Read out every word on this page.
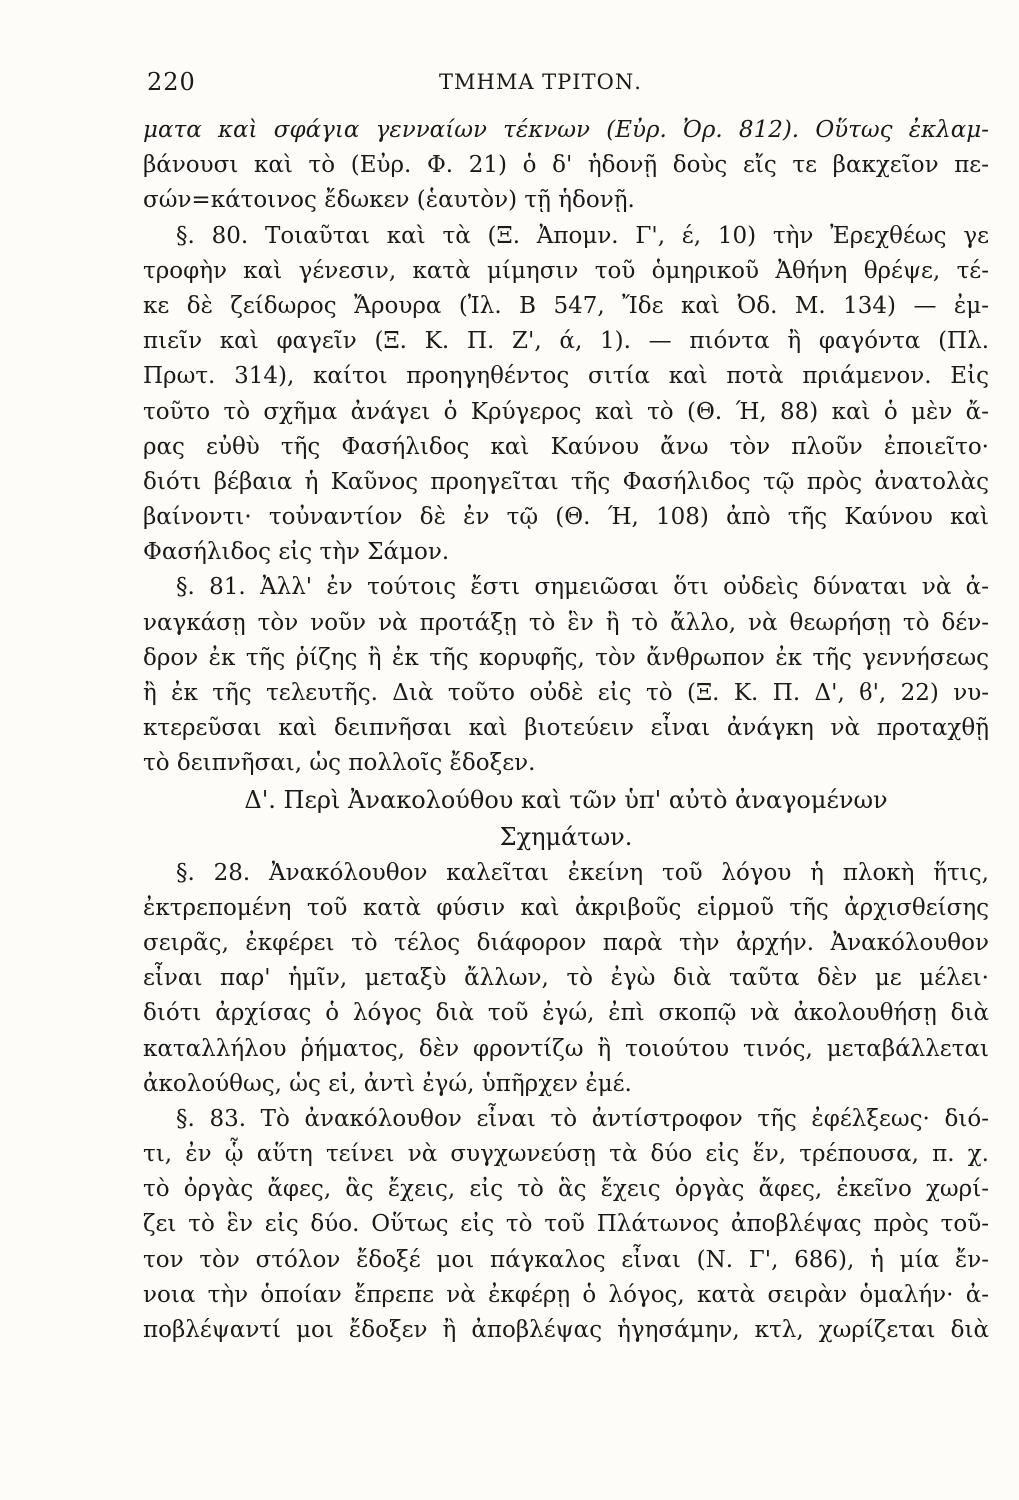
220	ΤΜΗΜΑ ΤΡΙΤΟΝ.
ματα καὶ σφάγια γενναίων τέκνων (Εὐρ. Ὀρ. 812). Οὕτως ἐκλαμ-
βάνουσι καὶ τὸ (Εὐρ. Φ. 21) ὁ δ' ἡδονῇ δοὺς εἴς τε βακχεῖον πε-
σών=κάτοινος ἔδωκεν (ἑαυτὸν) τῇ ἡδονῇ.
§. 80. Τοιαῦται καὶ τὰ (Ξ. Ἀπομν. Γ', έ, 10) τὴν Ἐρεχθέως γε
τροφὴν καὶ γένεσιν, κατὰ μίμησιν τοῦ ὁμηρικοῦ Ἀθήνη θρέψε, τέ-
κε δὲ ζείδωρος Ἄρουρα (Ἰλ. Β 547, Ἴδε καὶ Ὀδ. Μ. 134) — ἐμ-
πιεῖν καὶ φαγεῖν (Ξ. Κ. Π. Ζ', ά, 1). — πιόντα ἢ φαγόντα (Πλ.
Πρωτ. 314), καίτοι προηγηθέντος σιτία καὶ ποτὰ πριάμενον. Εἰς
τοῦτο τὸ σχῆμα ἀνάγει ὁ Κρύγερος καὶ τὸ (Θ. Ή, 88) καὶ ὁ μὲν ἄ-
ρας εὐθὺ τῆς Φασήλιδος καὶ Καύνου ἄνω τὸν πλοῦν ἐποιεῖτο·
διότι βέβαια ἡ Καῦνος προηγεῖται τῆς Φασήλιδος τῷ πρὸς ἀνατολὰς
βαίνοντι· τοὐναντίον δὲ ἐν τῷ (Θ. Ή, 108) ἀπὸ τῆς Καύνου καὶ
Φασήλιδος εἰς τὴν Σάμον.
§. 81. Ἀλλ' ἐν τούτοις ἔστι σημειῶσαι ὅτι οὐδεὶς δύναται νὰ ἀ-
ναγκάσῃ τὸν νοῦν νὰ προτάξῃ τὸ ἓν ἢ τὸ ἄλλο, νὰ θεωρήσῃ τὸ δέν-
δρον ἐκ τῆς ῥίζης ἢ ἐκ τῆς κορυφῆς, τὸν ἄνθρωπον ἐκ τῆς γεννήσεως
ἢ ἐκ τῆς τελευτῆς. Διὰ τοῦτο οὐδὲ εἰς τὸ (Ξ. Κ. Π. Δ', ϐ', 22) νυ-
κτερεῦσαι καὶ δειπνῆσαι καὶ βιοτεύειν εἶναι ἀνάγκη νὰ προταχθῇ
τὸ δειπνῆσαι, ὡς πολλοῖς ἔδοξεν.
Δ'. Περὶ Ἀνακολούθου καὶ τῶν ὑπ' αὐτὸ ἀναγομένων
Σχημάτων.
§. 28. Ἀνακόλουθον καλεῖται ἐκείνη τοῦ λόγου ἡ πλοκὴ ἥτις,
ἐκτρεπομένη τοῦ κατὰ φύσιν καὶ ἀκριβοῦς εἱρμοῦ τῆς ἀρχισθείσης
σειρᾶς, ἐκφέρει τὸ τέλος διάφορον παρὰ τὴν ἀρχήν. Ἀνακόλουθον
εἶναι παρ' ἡμῖν, μεταξὺ ἄλλων, τὸ ἐγὼ διὰ ταῦτα δὲν με μέλει·
διότι ἀρχίσας ὁ λόγος διὰ τοῦ ἐγώ, ἐπὶ σκοπῷ νὰ ἀκολουθήσῃ διὰ
καταλλήλου ῥήματος, δὲν φροντίζω ἢ τοιούτου τινός, μεταβάλλεται
ἀκολούθως, ὡς εἰ, ἀντὶ ἐγώ, ὑπῆρχεν ἐμέ.
§. 83. Τὸ ἀνακόλουθον εἶναι τὸ ἀντίστροφον τῆς ἐφέλξεως· διό-
τι, ἐν ᾧ αὕτη τείνει νὰ συγχωνεύσῃ τὰ δύο εἰς ἕν, τρέπουσα, π. χ.
τὸ ὀργὰς ἄφες, ἃς ἔχεις, εἰς τὸ ἃς ἔχεις ὀργὰς ἄφες, ἐκεῖνο χωρί-
ζει τὸ ἓν εἰς δύο. Οὕτως εἰς τὸ τοῦ Πλάτωνος ἀποβλέψας πρὸς τοῦ-
τον τὸν στόλον ἔδοξέ μοι πάγκαλος εἶναι (Ν. Γ', 686), ἡ μία ἔν-
νοια τὴν ὁποίαν ἔπρεπε νὰ ἐκφέρῃ ὁ λόγος, κατὰ σειρὰν ὁμαλήν· ἀ-
ποβλέψαντί μοι ἔδοξεν ἢ ἀποβλέψας ἡγησάμην, κτλ, χωρίζεται διὰ
